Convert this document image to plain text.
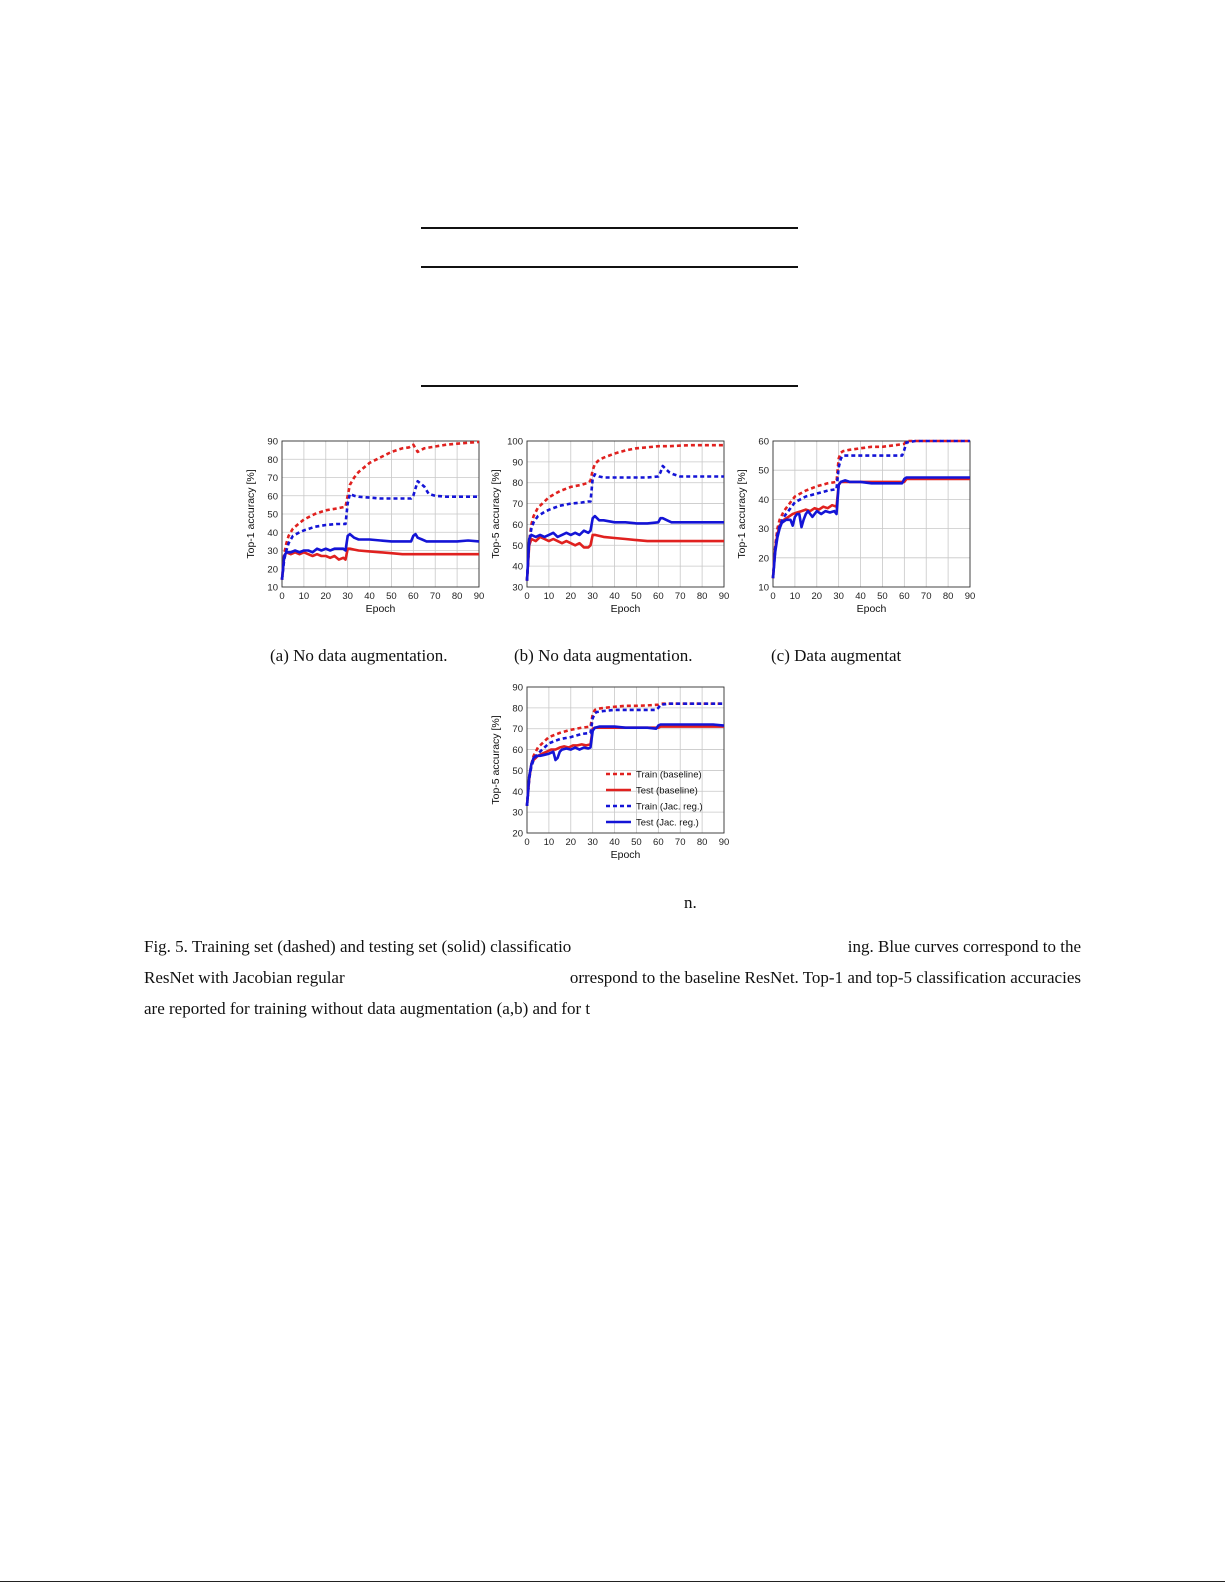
0 10 20 30 40 50 60 70 80 90
10
20
30
40
50
60
70
80
90
Epoch
Top-1 accuracy [%]
0 10 20 30 40 50 60 70 80 90
30
40
50
60
70
80
90
100
Epoch
Top-5 accuracy [%]
0 10 20 30 40 50 60 70 80 90
10
20
30
40
50
60
Epoch
Top-1 accuracy [%]
0 10 20 30 40 50 60 70 80 90
20
30
40
50
60
70
80
90
Epoch
Top-5 accuracy [%]	Train (baseline)
Test (baseline)
Train (Jac. reg.)
Test (Jac. reg.)
(a) No data augmentation.	(b) No data augmentation.	(c) Data augmentat
n.
Fig. 5. Training set (dashed) and testing set (solid) classificatio	ing. Blue curves correspond to the
ResNet with Jacobian regular	orrespond to the baseline ResNet. Top-1 and top-5 classification accuracies
are reported for training without data augmentation (a,b) and for t
